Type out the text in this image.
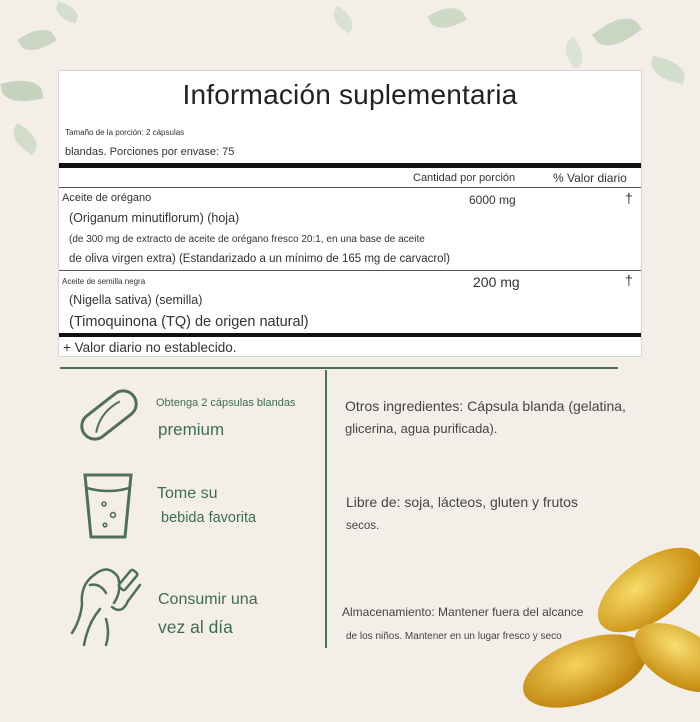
Información suplementaria
Tamaño de la porción: 2 cápsulas
blandas. Porciones por envase: 75
Cantidad por porción	% Valor diario
Aceite de orégano	6000 mg	†
(Origanum minutiflorum) (hoja)
(de 300 mg de extracto de aceite de orégano fresco 20:1, en una base de aceite
de oliva virgen extra) (Estandarizado a un mínimo de 165 mg de carvacrol)
Aceite de semilla negra	200 mg	†
(Nigella sativa) (semilla)
(Timoquinona (TQ) de origen natural)
+ Valor diario no establecido.
Obtenga 2 cápsulas blandas
premium
Tome su
bebida favorita
Consumir una
vez al día
Otros ingredientes: Cápsula blanda (gelatina,
glicerina, agua purificada).
Libre de: soja, lácteos, gluten y frutos
secos.
Almacenamiento: Mantener fuera del alcance
de los niños. Mantener en un lugar fresco y seco
